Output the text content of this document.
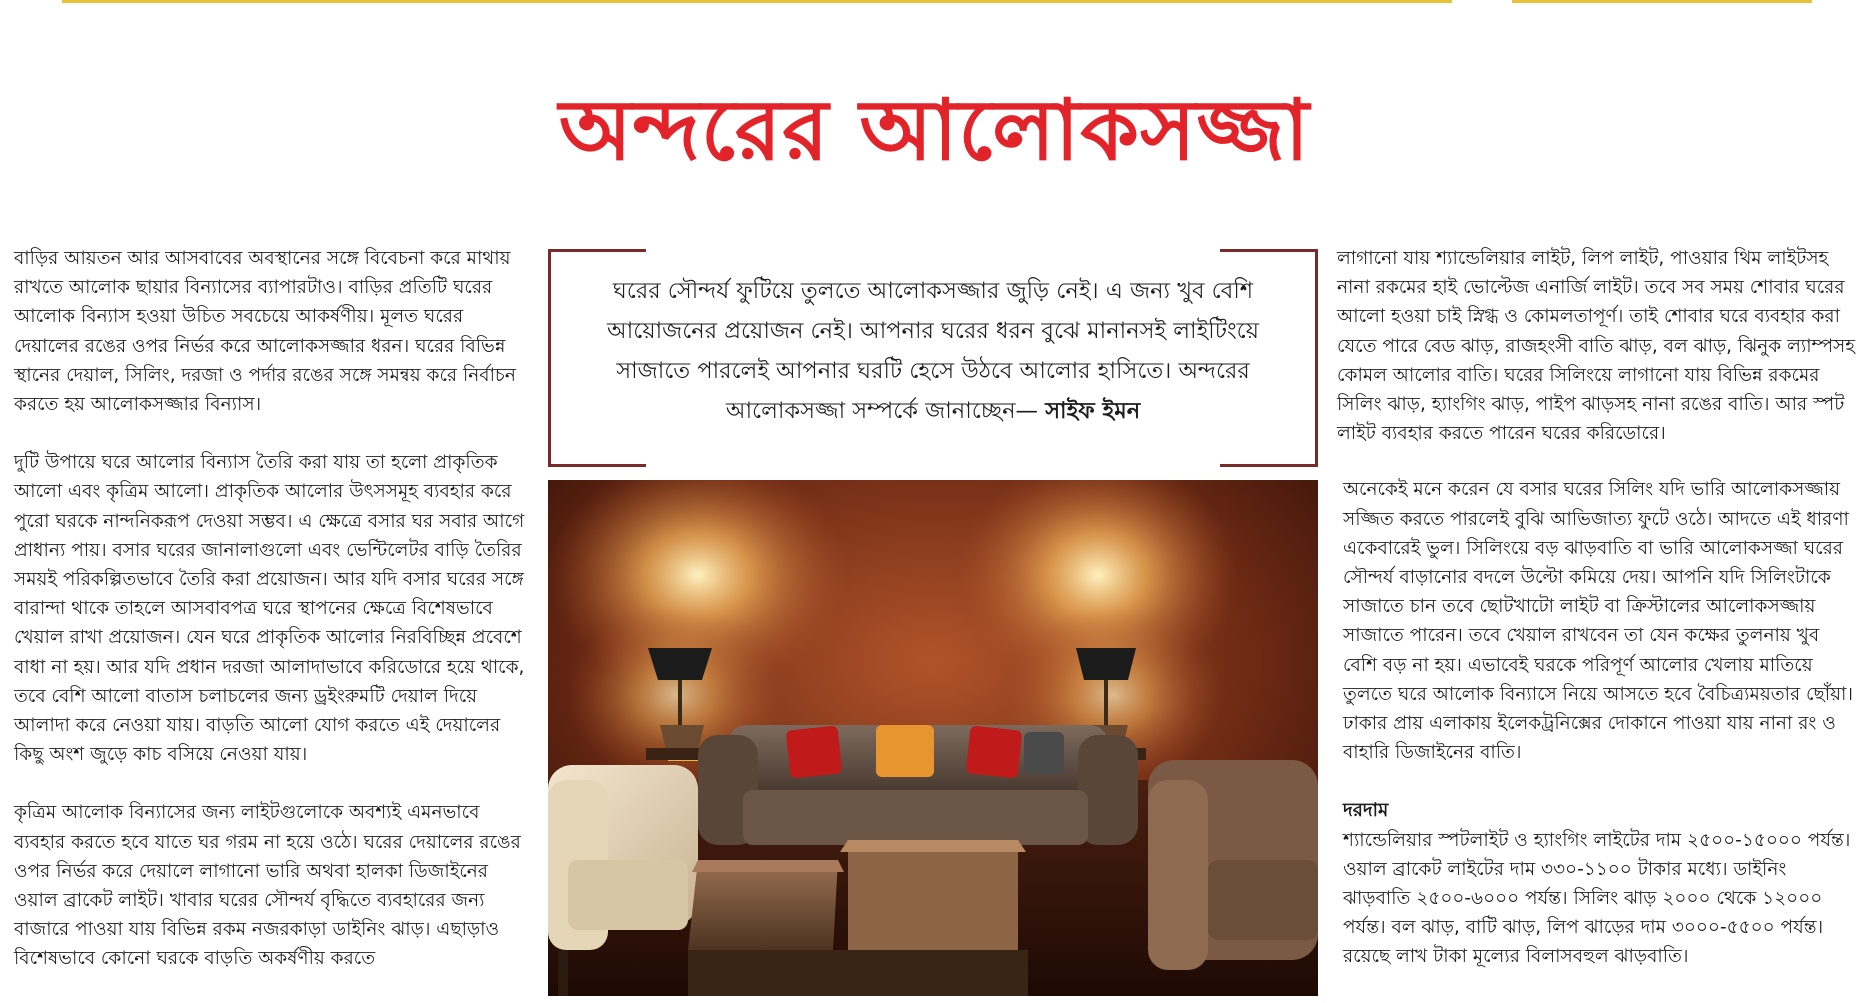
অন্দরের আলোকসজ্জা

বাড়ির আয়তন আর আসবাবের অবস্থানের সঙ্গে বিবেচনা করে মাথায় রাখতে আলোক ছায়ার বিন্যাসের ব্যাপারটাও। বাড়ির প্রতিটি ঘরের আলোক বিন্যাস হওয়া উচিত সবচেয়ে আকর্ষণীয়। মূলত ঘরের দেয়ালের রঙের ওপর নির্ভর করে আলোকসজ্জার ধরন। ঘরের বিভিন্ন স্থানের দেয়াল, সিলিং, দরজা ও পর্দার রঙের সঙ্গে সমন্বয় করে নির্বাচন করতে হয় আলোকসজ্জার বিন্যাস।

দুটি উপায়ে ঘরে আলোর বিন্যাস তৈরি করা যায় তা হলো প্রাকৃতিক আলো এবং কৃত্রিম আলো। প্রাকৃতিক আলোর উৎসসমূহ ব্যবহার করে পুরো ঘরকে নান্দনিকরূপ দেওয়া সম্ভব। এ ক্ষেত্রে বসার ঘর সবার আগে প্রাধান্য পায়। বসার ঘরের জানালাগুলো এবং ভেন্টিলেটর বাড়ি তৈরির সময়ই পরিকল্পিতভাবে তৈরি করা প্রয়োজন। আর যদি বসার ঘরের সঙ্গে বারান্দা থাকে তাহলে আসবাবপত্র ঘরে স্থাপনের ক্ষেত্রে বিশেষভাবে খেয়াল রাখা প্রয়োজন। যেন ঘরে প্রাকৃতিক আলোর নিরবিচ্ছিন্ন প্রবেশে বাধা না হয়। আর যদি প্রধান দরজা আলাদাভাবে করিডোরে হয়ে থাকে, তবে বেশি আলো বাতাস চলাচলের জন্য ড্রইংরুমটি দেয়াল দিয়ে আলাদা করে নেওয়া যায়। বাড়তি আলো যোগ করতে এই দেয়ালের কিছু অংশ জুড়ে কাচ বসিয়ে নেওয়া যায়।

কৃত্রিম আলোক বিন্যাসের জন্য লাইটগুলোকে অবশ্যই এমনভাবে ব্যবহার করতে হবে যাতে ঘর গরম না হয়ে ওঠে। ঘরের দেয়ালের রঙের ওপর নির্ভর করে দেয়ালে লাগানো ভারি অথবা হালকা ডিজাইনের ওয়াল ব্রাকেট লাইট। খাবার ঘরের সৌন্দর্য বৃদ্ধিতে ব্যবহারের জন্য বাজারে পাওয়া যায় বিভিন্ন রকম নজরকাড়া ডাইনিং ঝাড়। এছাড়াও বিশেষভাবে কোনো ঘরকে বাড়তি অকর্ষণীয় করতে

ঘরের সৌন্দর্য ফুটিয়ে তুলতে আলোকসজ্জার জুড়ি নেই। এ জন্য খুব বেশি আয়োজনের প্রয়োজন নেই। আপনার ঘরের ধরন বুঝে মানানসই লাইটিংয়ে সাজাতে পারলেই আপনার ঘরটি হেসে উঠবে আলোর হাসিতে। অন্দরের আলোকসজ্জা সম্পর্কে জানাচ্ছেন— সাইফ ইমন

লাগানো যায় শ্যান্ডেলিয়ার লাইট, লিপ লাইট, পাওয়ার থিম লাইটসহ নানা রকমের হাই ভোল্টেজ এনার্জি লাইট। তবে সব সময় শোবার ঘরের আলো হওয়া চাই স্নিগ্ধ ও কোমলতাপূর্ণ। তাই শোবার ঘরে ব্যবহার করা যেতে পারে বেড ঝাড়, রাজহংসী বাতি ঝাড়, বল ঝাড়, ঝিনুক ল্যাম্পসহ কোমল আলোর বাতি। ঘরের সিলিংয়ে লাগানো যায় বিভিন্ন রকমের সিলিং ঝাড়, হ্যাংগিং ঝাড়, পাইপ ঝাড়সহ নানা রঙের বাতি। আর স্পট লাইট ব্যবহার করতে পারেন ঘরের করিডোরে।

অনেকেই মনে করেন যে বসার ঘরের সিলিং যদি ভারি আলোকসজ্জায় সজ্জিত করতে পারলেই বুঝি আভিজাত্য ফুটে ওঠে। আদতে এই ধারণা একেবারেই ভুল। সিলিংয়ে বড় ঝাড়বাতি বা ভারি আলোকসজ্জা ঘরের সৌন্দর্য বাড়ানোর বদলে উল্টো কমিয়ে দেয়। আপনি যদি সিলিংটাকে সাজাতে চান তবে ছোটখাটো লাইট বা ক্রিস্টালের আলোকসজ্জায় সাজাতে পারেন। তবে খেয়াল রাখবেন তা যেন কক্ষের তুলনায় খুব বেশি বড় না হয়। এভাবেই ঘরকে পরিপূর্ণ আলোর খেলায় মাতিয়ে তুলতে ঘরে আলোক বিন্যাসে নিয়ে আসতে হবে বৈচিত্র্যময়তার ছোঁয়া। ঢাকার প্রায় এলাকায় ইলেকট্রনিক্সের দোকানে পাওয়া যায় নানা রং ও বাহারি ডিজাইনের বাতি।

দরদাম
শ্যান্ডেলিয়ার স্পটলাইট ও হ্যাংগিং লাইটের দাম ২৫০০-১৫০০০ পর্যন্ত। ওয়াল ব্রাকেট লাইটের দাম ৩৩০-১১০০ টাকার মধ্যে। ডাইনিং ঝাড়বাতি ২৫০০-৬০০০ পর্যন্ত। সিলিং ঝাড় ২০০০ থেকে ১২০০০ পর্যন্ত। বল ঝাড়, বাটি ঝাড়, লিপ ঝাড়ের দাম ৩০০০-৫৫০০ পর্যন্ত। রয়েছে লাখ টাকা মূল্যের বিলাসবহুল ঝাড়বাতি।
